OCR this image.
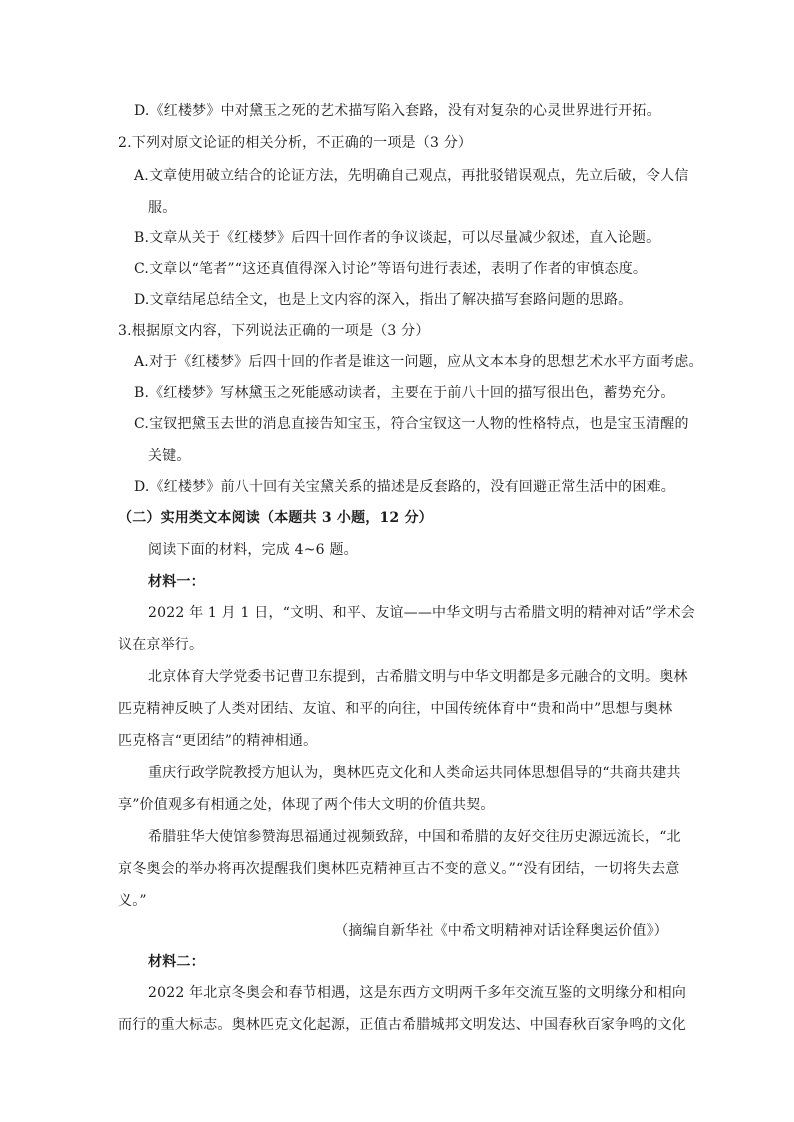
D.《红楼梦》中对黛玉之死的艺术描写陷入套路，没有对复杂的心灵世界进行开拓。
2.下列对原文论证的相关分析，不正确的一项是（3 分）
A.文章使用破立结合的论证方法，先明确自己观点，再批驳错误观点，先立后破，令人信
服。
B.文章从关于《红楼梦》后四十回作者的争议谈起，可以尽量减少叙述，直入论题。
C.文章以“笔者”“这还真值得深入讨论”等语句进行表述，表明了作者的审慎态度。
D.文章结尾总结全文，也是上文内容的深入，指出了解决描写套路问题的思路。
3.根据原文内容，下列说法正确的一项是（3 分）
A.对于《红楼梦》后四十回的作者是谁这一问题，应从文本本身的思想艺术水平方面考虑。
B.《红楼梦》写林黛玉之死能感动读者，主要在于前八十回的描写很出色，蓄势充分。
C.宝钗把黛玉去世的消息直接告知宝玉，符合宝钗这一人物的性格特点，也是宝玉清醒的
关键。
D.《红楼梦》前八十回有关宝黛关系的描述是反套路的，没有回避正常生活中的困难。
（二）实用类文本阅读（本题共 3 小题，12 分）
阅读下面的材料，完成 4~6 题。
材料一：
2022 年 1 月 1 日，“文明、和平、友谊——中华文明与古希腊文明的精神对话”学术会
议在京举行。
北京体育大学党委书记曹卫东提到，古希腊文明与中华文明都是多元融合的文明。奥林
匹克精神反映了人类对团结、友谊、和平的向往，中国传统体育中“贵和尚中”思想与奥林
匹克格言“更团结”的精神相通。
重庆行政学院教授方旭认为，奥林匹克文化和人类命运共同体思想倡导的“共商共建共
享”价值观多有相通之处，体现了两个伟大文明的价值共契。
希腊驻华大使馆参赞海思福通过视频致辞，中国和希腊的友好交往历史源远流长，“北
京冬奥会的举办将再次提醒我们奥林匹克精神亘古不变的意义。”“没有团结，一切将失去意
义。”
（摘编自新华社《中希文明精神对话诠释奥运价值》）
材料二：
2022 年北京冬奥会和春节相遇，这是东西方文明两千多年交流互鉴的文明缘分和相向
而行的重大标志。奥林匹克文化起源，正值古希腊城邦文明发达、中国春秋百家争鸣的文化
